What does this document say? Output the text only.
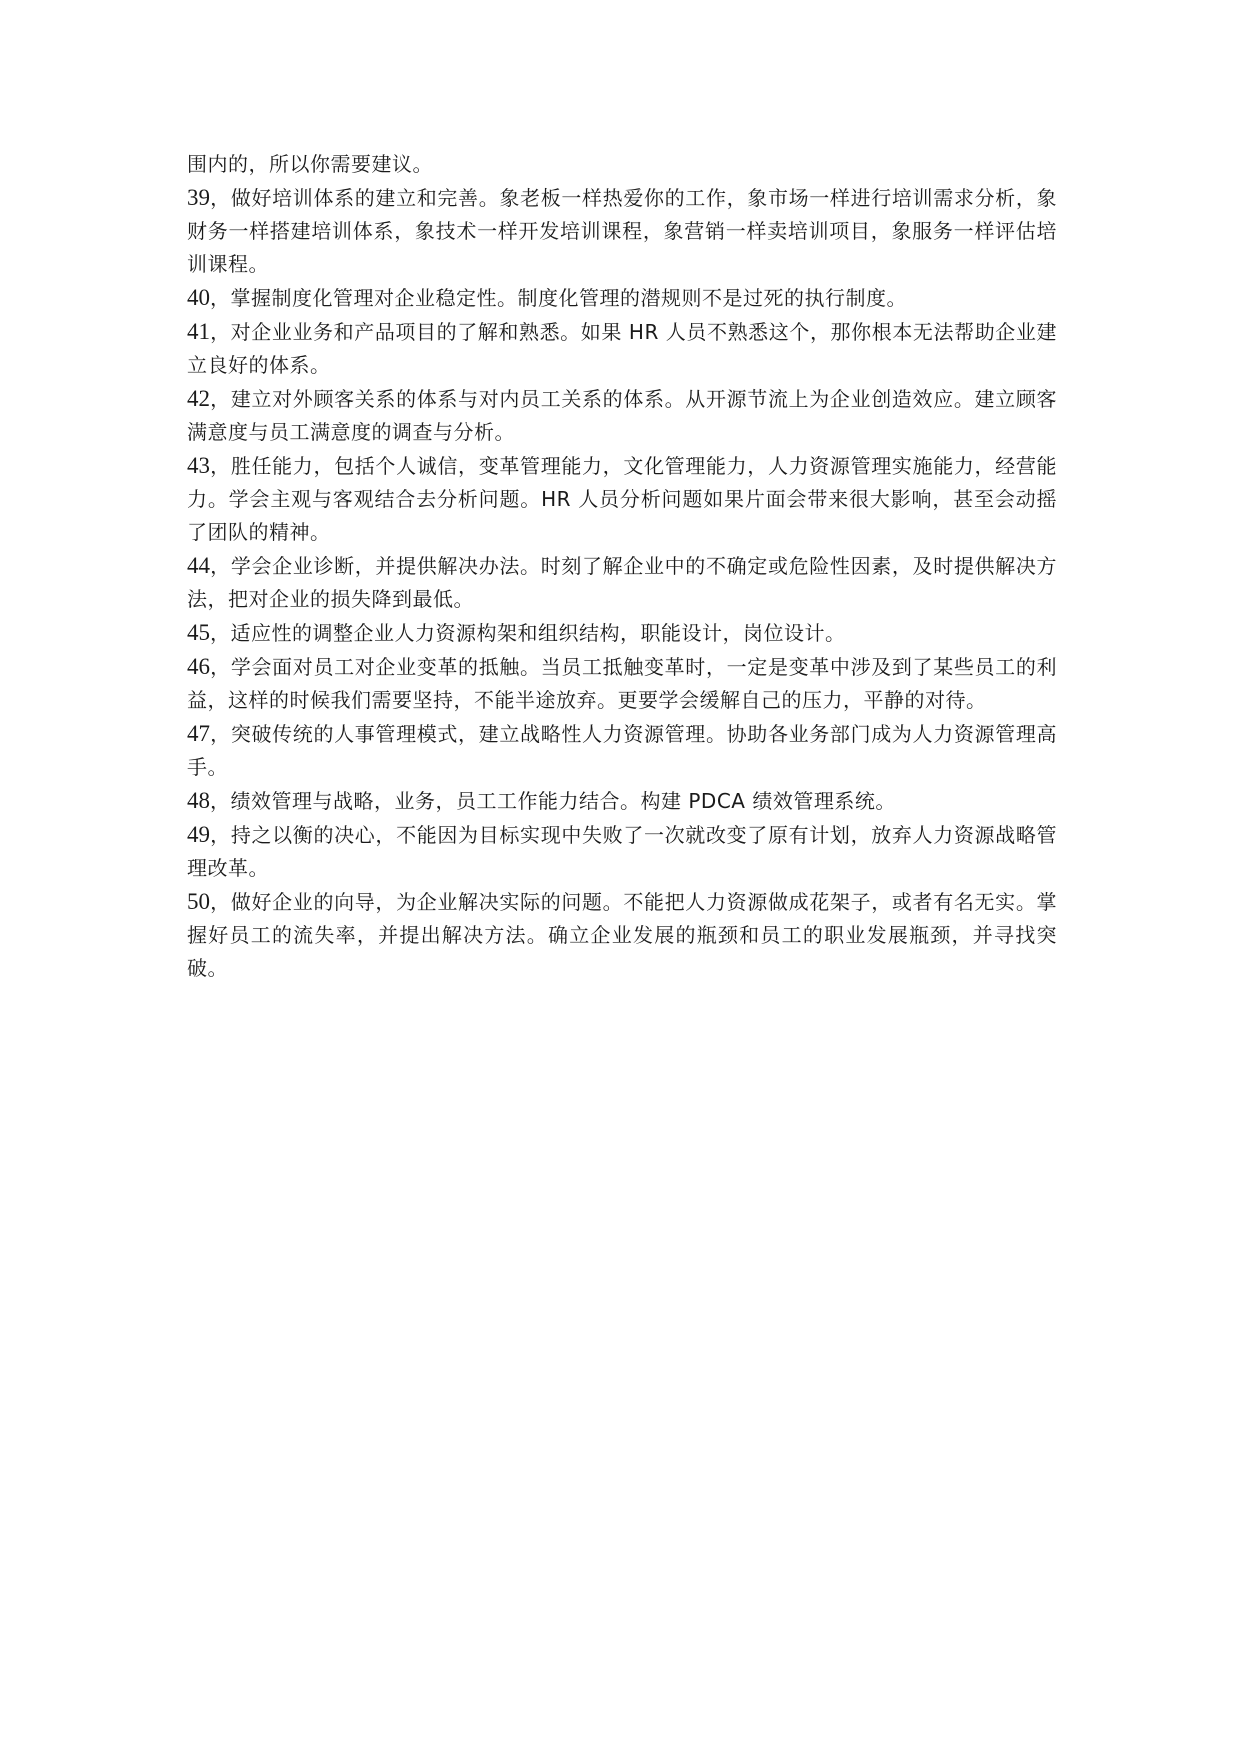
围内的，所以你需要建议。

39，做好培训体系的建立和完善。象老板一样热爱你的工作，象市场一样进行培训需求分析，象财务一样搭建培训体系，象技术一样开发培训课程，象营销一样卖培训项目，象服务一样评估培训课程。

40，掌握制度化管理对企业稳定性。制度化管理的潜规则不是过死的执行制度。

41，对企业业务和产品项目的了解和熟悉。如果 HR 人员不熟悉这个，那你根本无法帮助企业建立良好的体系。

42，建立对外顾客关系的体系与对内员工关系的体系。从开源节流上为企业创造效应。建立顾客满意度与员工满意度的调查与分析。

43，胜任能力，包括个人诚信，变革管理能力，文化管理能力，人力资源管理实施能力，经营能力。学会主观与客观结合去分析问题。HR 人员分析问题如果片面会带来很大影响，甚至会动摇了团队的精神。

44，学会企业诊断，并提供解决办法。时刻了解企业中的不确定或危险性因素，及时提供解决方法，把对企业的损失降到最低。

45，适应性的调整企业人力资源构架和组织结构，职能设计，岗位设计。

46，学会面对员工对企业变革的抵触。当员工抵触变革时，一定是变革中涉及到了某些员工的利益，这样的时候我们需要坚持，不能半途放弃。更要学会缓解自己的压力，平静的对待。

47，突破传统的人事管理模式，建立战略性人力资源管理。协助各业务部门成为人力资源管理高手。

48，绩效管理与战略，业务，员工工作能力结合。构建 PDCA 绩效管理系统。

49，持之以衡的决心，不能因为目标实现中失败了一次就改变了原有计划，放弃人力资源战略管理改革。

50，做好企业的向导，为企业解决实际的问题。不能把人力资源做成花架子，或者有名无实。掌握好员工的流失率，并提出解决方法。确立企业发展的瓶颈和员工的职业发展瓶颈，并寻找突破。
